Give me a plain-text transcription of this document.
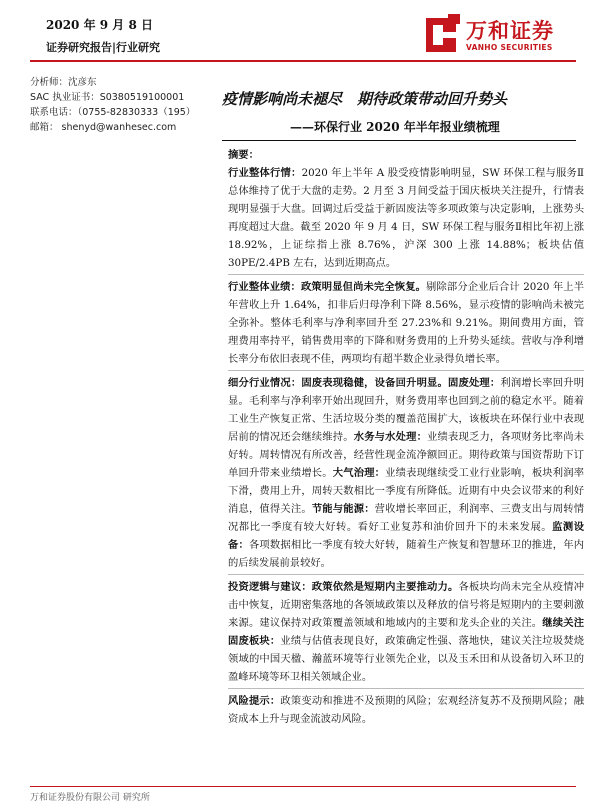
2020 年 9 月 8 日
证券研究报告|行业研究
万和证券
VANHO SECURITIES
分析师：沈彦东
SAC 执业证书：S0380519100001
联系电话：（0755-82830333（195）
邮箱： shenyd@wanhesec.com
疫情影响尚未褪尽　期待政策带动回升势头
——环保行业 2020 年半年报业绩梳理
摘要：

行业整体行情：2020 年上半年 A 股受疫情影响明显，SW 环保工程与服务Ⅱ总体维持了优于大盘的走势。2 月至 3 月间受益于国庆板块关注提升，行情表现明显强于大盘。回调过后受益于新固废法等多项政策与决定影响，上涨势头再度超过大盘。截至 2020 年 9 月 4 日，SW 环保工程与服务Ⅱ相比年初上涨 18.92%，上证综指上涨 8.76%，沪深 300 上涨 14.88%；板块估值 30PE/2.4PB 左右，达到近期高点。

行业整体业绩：政策明显但尚未完全恢复。剔除部分企业后合计 2020 年上半年营收上升 1.64%，扣非后归母净利下降 8.56%，显示疫情的影响尚未被完全弥补。整体毛利率与净利率回升至 27.23%和 9.21%。期间费用方面，管理费用率持平，销售费用率的下降和财务费用的上升势头延续。营收与净利增长率分布依旧表现不佳，两项均有超半数企业录得负增长率。

细分行业情况：固废表现稳健，设备回升明显。固废处理：利润增长率回升明显。毛利率与净利率开始出现回升，财务费用率也回到之前的稳定水平。随着工业生产恢复正常、生活垃圾分类的覆盖范围扩大，该板块在环保行业中表现居前的情况还会继续维持。水务与水处理：业绩表现乏力，各项财务比率尚未好转。周转情况有所改善，经营性现金流净额回正。期待政策与国资帮助下订单回升带来业绩增长。大气治理：业绩表现继续受工业行业影响，板块利润率下滑，费用上升，周转天数相比一季度有所降低。近期有中央会议带来的利好消息，值得关注。节能与能源：营收增长率回正，利润率、三费支出与周转情况都比一季度有较大好转。看好工业复苏和油价回升下的未来发展。监测设备：各项数据相比一季度有较大好转，随着生产恢复和智慧环卫的推进，年内的后续发展前景较好。

投资逻辑与建议：政策依然是短期内主要推动力。各板块均尚未完全从疫情冲击中恢复，近期密集落地的各领域政策以及释放的信号将是短期内的主要刺激来源。建议保持对政策覆盖领域和地域内的主要和龙头企业的关注。继续关注固废板块：业绩与估值表现良好，政策确定性强、落地快，建议关注垃圾焚烧领域的中国天楹、瀚蓝环境等行业领先企业，以及玉禾田和从设备切入环卫的盈峰环境等环卫相关领域企业。

风险提示：政策变动和推进不及预期的风险；宏观经济复苏不及预期风险；融资成本上升与现金流波动风险。

万和证券股份有限公司 研究所
